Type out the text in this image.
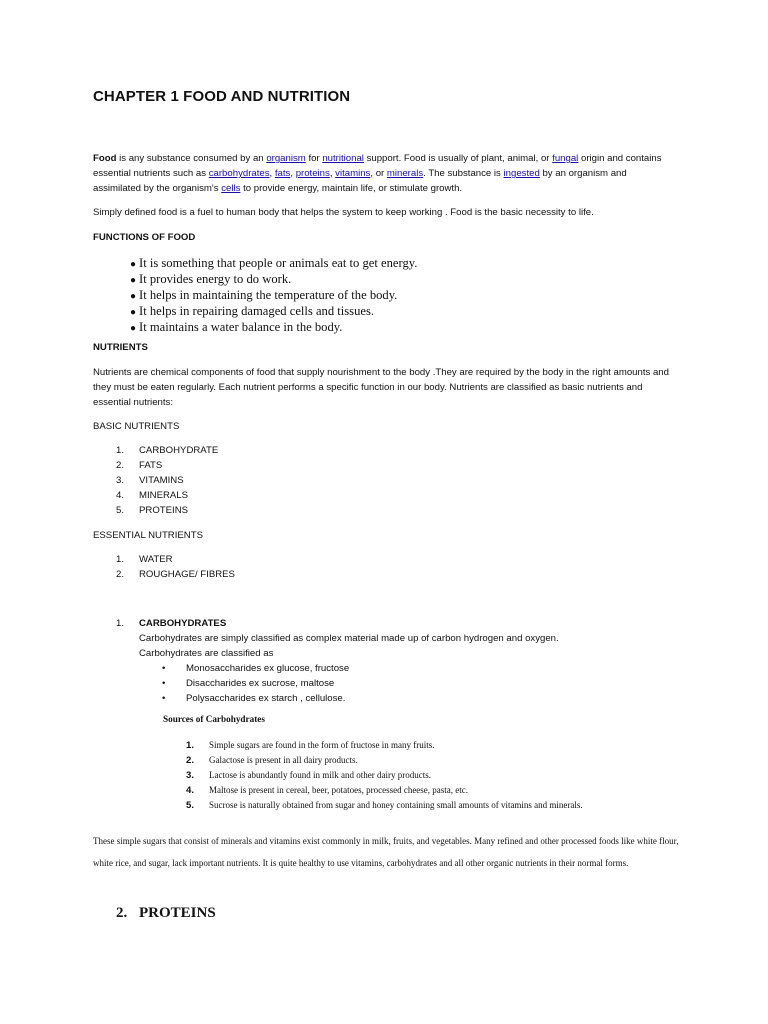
CHAPTER 1 FOOD AND NUTRITION

Food is any substance consumed by an organism for nutritional support. Food is usually of plant, animal, or fungal origin and contains essential nutrients such as carbohydrates, fats, proteins, vitamins, or minerals. The substance is ingested by an organism and assimilated by the organism's cells to provide energy, maintain life, or stimulate growth.

Simply defined food is a fuel to human body that helps the system to keep working . Food is the basic necessity to life.

FUNCTIONS OF FOOD

● It is something that people or animals eat to get energy.
● It provides energy to do work.
● It helps in maintaining the temperature of the body.
● It helps in repairing damaged cells and tissues.
● It maintains a water balance in the body.

NUTRIENTS

Nutrients are chemical components of food that supply nourishment to the body .They are required by the body in the right amounts and they must be eaten regularly. Each nutrient performs a specific function in our body. Nutrients are classified as basic nutrients and essential nutrients:

BASIC NUTRIENTS

1. CARBOHYDRATE
2. FATS
3. VITAMINS
4. MINERALS
5. PROTEINS

ESSENTIAL NUTRIENTS

1. WATER
2. ROUGHAGE/ FIBRES
1. CARBOHYDRATES
Carbohydrates are simply classified as complex material made up of carbon hydrogen and oxygen.
Carbohydrates are classified as
• Monosaccharides ex glucose, fructose
• Disaccharides ex sucrose, maltose
• Polysaccharides ex starch , cellulose.

Sources of Carbohydrates

1. Simple sugars are found in the form of fructose in many fruits.
2. Galactose is present in all dairy products.
3. Lactose is abundantly found in milk and other dairy products.
4. Maltose is present in cereal, beer, potatoes, processed cheese, pasta, etc.
5. Sucrose is naturally obtained from sugar and honey containing small amounts of vitamins and minerals.

These simple sugars that consist of minerals and vitamins exist commonly in milk, fruits, and vegetables. Many refined and other processed foods like white flour, white rice, and sugar, lack important nutrients. It is quite healthy to use vitamins, carbohydrates and all other organic nutrients in their normal forms.

2. PROTEINS
